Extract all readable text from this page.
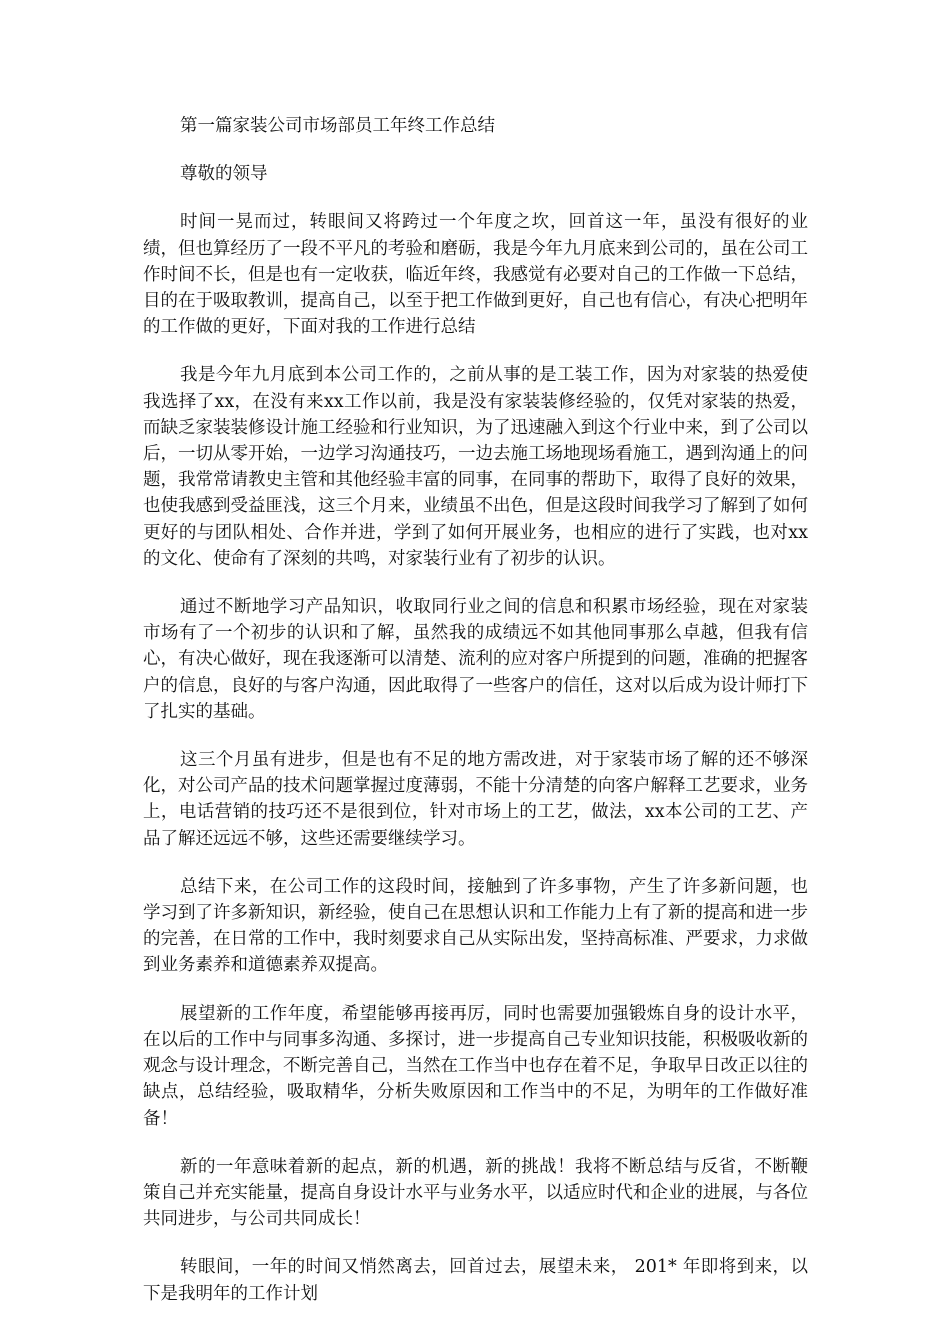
第一篇家装公司市场部员工年终工作总结

尊敬的领导

时间一晃而过，转眼间又将跨过一个年度之坎，回首这一年，虽没有很好的业绩，但也算经历了一段不平凡的考验和磨砺，我是今年九月底来到公司的，虽在公司工作时间不长，但是也有一定收获，临近年终，我感觉有必要对自己的工作做一下总结，目的在于吸取教训，提高自己，以至于把工作做到更好，自己也有信心，有决心把明年的工作做的更好，下面对我的工作进行总结

我是今年九月底到本公司工作的，之前从事的是工装工作，因为对家装的热爱使我选择了xx，在没有来xx工作以前，我是没有家装装修经验的，仅凭对家装的热爱，而缺乏家装装修设计施工经验和行业知识，为了迅速融入到这个行业中来，到了公司以后，一切从零开始，一边学习沟通技巧，一边去施工场地现场看施工，遇到沟通上的问题，我常常请教史主管和其他经验丰富的同事，在同事的帮助下，取得了良好的效果，也使我感到受益匪浅，这三个月来，业绩虽不出色，但是这段时间我学习了解到了如何更好的与团队相处、合作并进，学到了如何开展业务，也相应的进行了实践，也对xx的文化、使命有了深刻的共鸣，对家装行业有了初步的认识。

通过不断地学习产品知识，收取同行业之间的信息和积累市场经验，现在对家装市场有了一个初步的认识和了解，虽然我的成绩远不如其他同事那么卓越，但我有信心，有决心做好，现在我逐渐可以清楚、流利的应对客户所提到的问题，准确的把握客户的信息，良好的与客户沟通，因此取得了一些客户的信任，这对以后成为设计师打下了扎实的基础。

这三个月虽有进步，但是也有不足的地方需改进，对于家装市场了解的还不够深化，对公司产品的技术问题掌握过度薄弱，不能十分清楚的向客户解释工艺要求，业务上，电话营销的技巧还不是很到位，针对市场上的工艺，做法，xx本公司的工艺、产品了解还远远不够，这些还需要继续学习。

总结下来，在公司工作的这段时间，接触到了许多事物，产生了许多新问题，也学习到了许多新知识，新经验，使自己在思想认识和工作能力上有了新的提高和进一步的完善，在日常的工作中，我时刻要求自己从实际出发，坚持高标准、严要求，力求做到业务素养和道德素养双提高。

展望新的工作年度，希望能够再接再厉，同时也需要加强锻炼自身的设计水平，在以后的工作中与同事多沟通、多探讨，进一步提高自己专业知识技能，积极吸收新的观念与设计理念，不断完善自己，当然在工作当中也存在着不足，争取早日改正以往的缺点，总结经验，吸取精华，分析失败原因和工作当中的不足，为明年的工作做好准备！

新的一年意味着新的起点，新的机遇，新的挑战！我将不断总结与反省，不断鞭策自己并充实能量，提高自身设计水平与业务水平，以适应时代和企业的进展，与各位共同进步，与公司共同成长！

转眼间，一年的时间又悄然离去，回首过去，展望未来， 201* 年即将到来，以下是我明年的工作计划
